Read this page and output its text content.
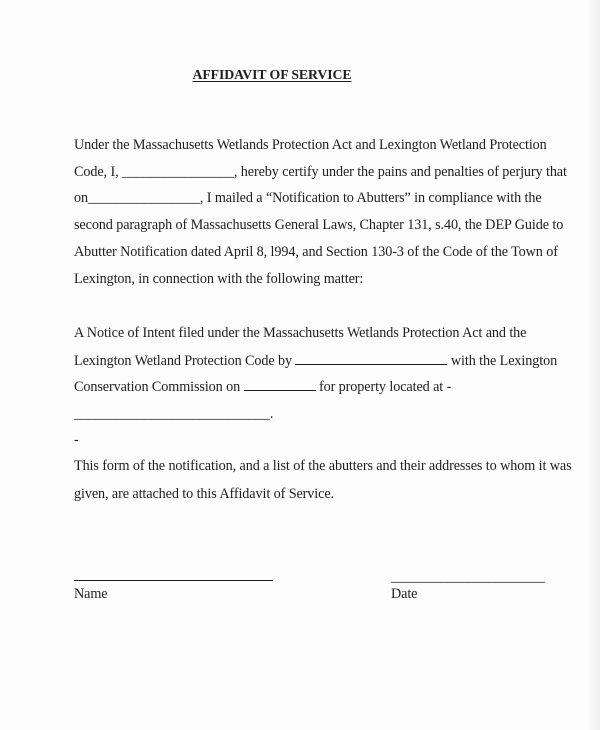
AFFIDAVIT OF SERVICE
Under the Massachusetts Wetlands Protection Act and Lexington Wetland Protection
Code, I, ________________, hereby certify under the pains and penalties of perjury that
on________________, I mailed a “Notification to Abutters” in compliance with the
second paragraph of Massachusetts General Laws, Chapter 131, s.40, the DEP Guide to
Abutter Notification dated April 8, l994, and Section 130-3 of the Code of the Town of
Lexington, in connection with the following matter:
A Notice of Intent filed under the Massachusetts Wetlands Protection Act and the
Lexington Wetland Protection Code by	with the Lexington
Conservation Commission on	for property located at -
____________________________.
-
This form of the notification, and a list of the abutters and their addresses to whom it was
given, are attached to this Affidavit of Service.
Name
______________________
Date
